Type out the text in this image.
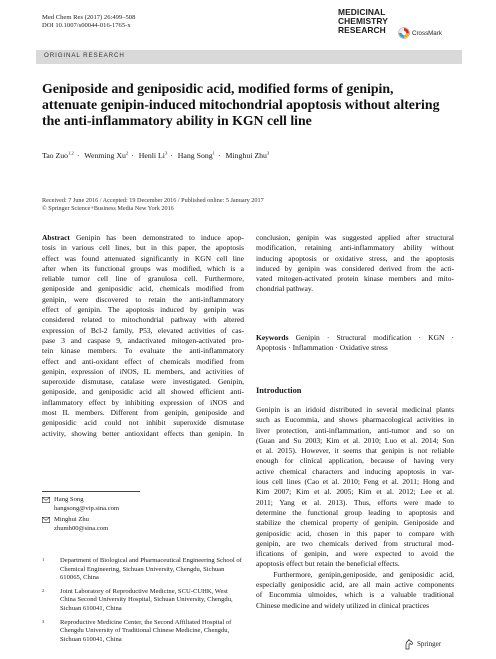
Med Chem Res (2017) 26:499–508
DOI 10.1007/s00044-016-1765-x
MEDICINAL
CHEMISTRY
RESEARCH	CrossMark
ORIGINAL RESEARCH
Geniposide and geniposidic acid, modified forms of genipin, attenuate genipin-induced mitochondrial apoptosis without altering the anti-inflammatory ability in KGN cell line
Tao Zuo$^{1,2}$ · Wenming $Xu^2$ · Henli $Li^3$ · Hang Song$^1$ · Minghui Zhu$^3$
Received: 7 June 2016 / Accepted: 19 December 2016 / Published online: 5 January 2017
© Springer Science+Business Media New York 2016
Abstract Genipin has been demonstrated to induce apop-
tosis in various cell lines, but in this paper, the apoptosis
effect was found attenuated significantly in KGN cell line
after when its functional groups was modified, which is a
reliable tumor cell line of granulosa cell. Furthermore,
geniposide and geniposidic acid, chemicals modified from
genipin, were discovered to retain the anti-inflammatory
effect of genipin. The apoptosis induced by genipin was
considered related to mitochondrial pathway with altered
expression of Bcl-2 family, P53, elevated activities of cas-
pase 3 and caspase 9, andactivated mitogen-activated pro-
tein kinase members. To evaluate the anti-inflammatory
effect and anti-oxidant effect of chemicals modified from
genipin, expression of iNOS, IL members, and activities of
superoxide dismutase, catalase were investigated. Genipin,
geniposide, and geniposidic acid all showed efficient anti-
inflammatory effect by inhibiting expression of iNOS and
most IL members. Different from genipin, geniposide and
geniposidic acid could not inhibit superoxide dismutase
activity, showing better antioxidant effects than genipin. In
conclusion, genipin was suggested applied after structural
modification, retaining anti-inflammatory ability without
inducing apoptosis or oxidative stress, and the apoptosis
induced by genipin was considered derived from the acti-
vated mitogen-activated protein kinase members and mito-
chondrial pathway.
Keywords Genipin · Structural modification · KGN ·
Apoptosis · Inflammation · Oxidative stress
Introduction
Genipin is an iridoid distributed in several medicinal plants
such as Eucommia, and shows pharmacological activities in
liver protection, anti-inflammation, anti-tumor and so on
(Guan and Su 2003; Kim et al. 2010; Luo et al. 2014; Son
et al. 2015). However, it seems that genipin is not reliable
enough for clinical application, because of having very
active chemical characters and inducing apoptosis in var-
ious cell lines (Cao et al. 2010; Feng et al. 2011; Hong and
Kim 2007; Kim et al. 2005; Kim et al. 2012; Lee et al.
2011; Yang et al. 2013). Thus, efforts were made to
determine the functional group leading to apoptosis and
stabilize the chemical property of genipin. Geniposide and
geniposidic acid, chosen in this paper to compare with
genipin, are two chemicals derived from structural mod-
ifications of genipin, and were expected to avoid the
apoptosis effect but retain the beneficial effects.
Furthermore, genipin,geniposide, and geniposidic acid,
especially geniposidic acid, are all main active components
of Eucommia ulmoides, which is a valuable traditional
Chinese medicine and widely utilized in clinical practices
Hang Song
hangsong@vip.sina.com
Minghui Zhu
zhumh00@sina.com
1 Department of Biological and Pharmaceutical Engineering School of Chemical Engineering, Sichuan University, Chengdu, Sichuan 610065, China
2 Joint Laboratory of Reproductive Medicine, SCU-CUHK, West China Second University Hospital, Sichuan University, Chengdu, Sichuan 610041, China
3 Reproductive Medicine Center, the Second Affiliated Hospital of Chengdu University of Traditional Chinese Medicine, Chengdu, Sichuan 610041, China
Springer
